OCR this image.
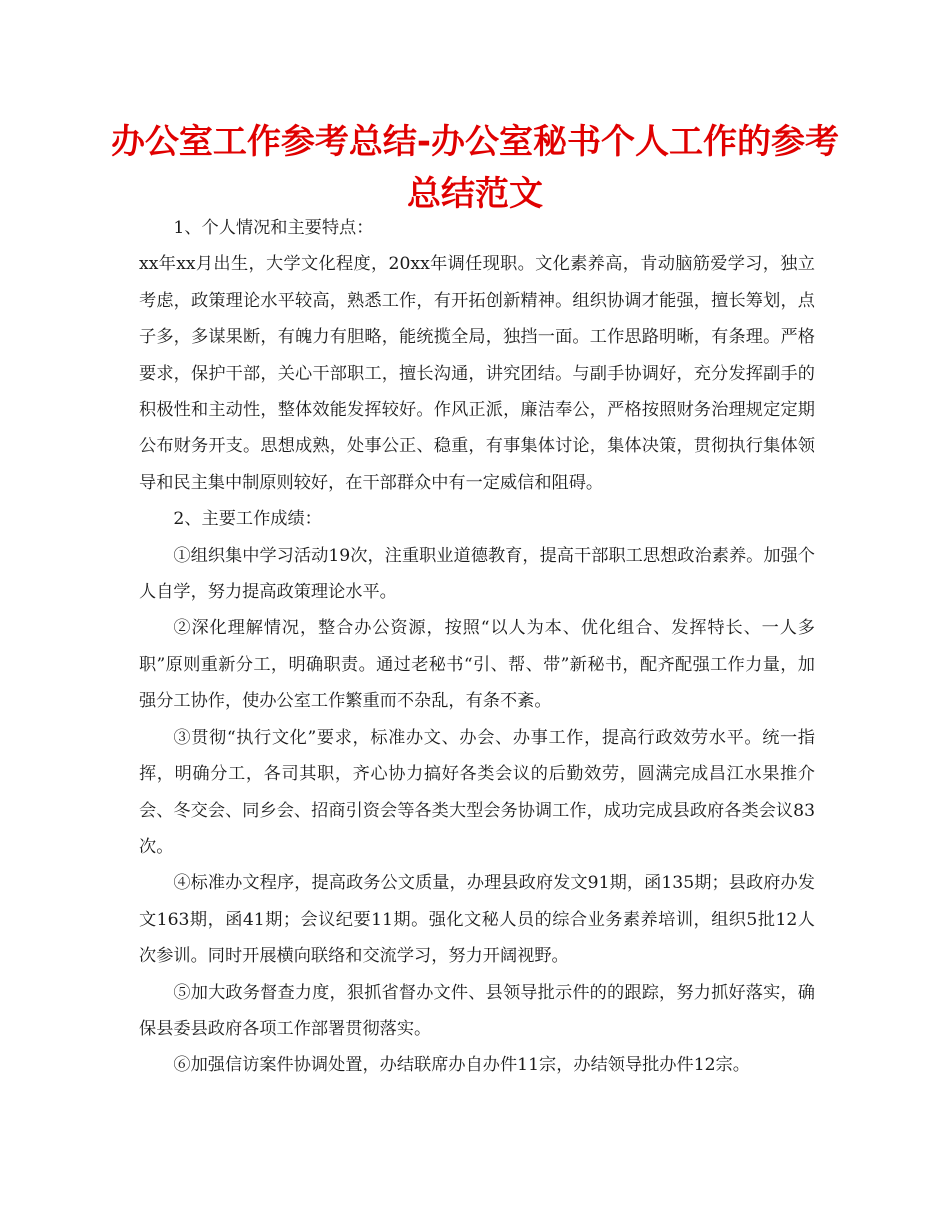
办公室工作参考总结-办公室秘书个人工作的参考总结范文

1、个人情况和主要特点：

xx年xx月出生，大学文化程度，20xx年调任现职。文化素养高，肯动脑筋爱学习，独立考虑，政策理论水平较高，熟悉工作，有开拓创新精神。组织协调才能强，擅长筹划，点子多，多谋果断，有魄力有胆略，能统揽全局，独挡一面。工作思路明晰，有条理。严格要求，保护干部，关心干部职工，擅长沟通，讲究团结。与副手协调好，充分发挥副手的积极性和主动性，整体效能发挥较好。作风正派，廉洁奉公，严格按照财务治理规定定期公布财务开支。思想成熟，处事公正、稳重，有事集体讨论，集体决策，贯彻执行集体领导和民主集中制原则较好，在干部群众中有一定威信和阻碍。

2、主要工作成绩：

①组织集中学习活动19次，注重职业道德教育，提高干部职工思想政治素养。加强个人自学，努力提高政策理论水平。

②深化理解情况，整合办公资源，按照“以人为本、优化组合、发挥特长、一人多职”原则重新分工，明确职责。通过老秘书“引、帮、带”新秘书，配齐配强工作力量，加强分工协作，使办公室工作繁重而不杂乱，有条不紊。

③贯彻“执行文化”要求，标准办文、办会、办事工作，提高行政效劳水平。统一指挥，明确分工，各司其职，齐心协力搞好各类会议的后勤效劳，圆满完成昌江水果推介会、冬交会、同乡会、招商引资会等各类大型会务协调工作，成功完成县政府各类会议83次。

④标准办文程序，提高政务公文质量，办理县政府发文91期，函135期；县政府办发文163期，函41期；会议纪要11期。强化文秘人员的综合业务素养培训，组织5批12人次参训。同时开展横向联络和交流学习，努力开阔视野。

⑤加大政务督查力度，狠抓省督办文件、县领导批示件的的跟踪，努力抓好落实，确保县委县政府各项工作部署贯彻落实。

⑥加强信访案件协调处置，办结联席办自办件11宗，办结领导批办件12宗。
